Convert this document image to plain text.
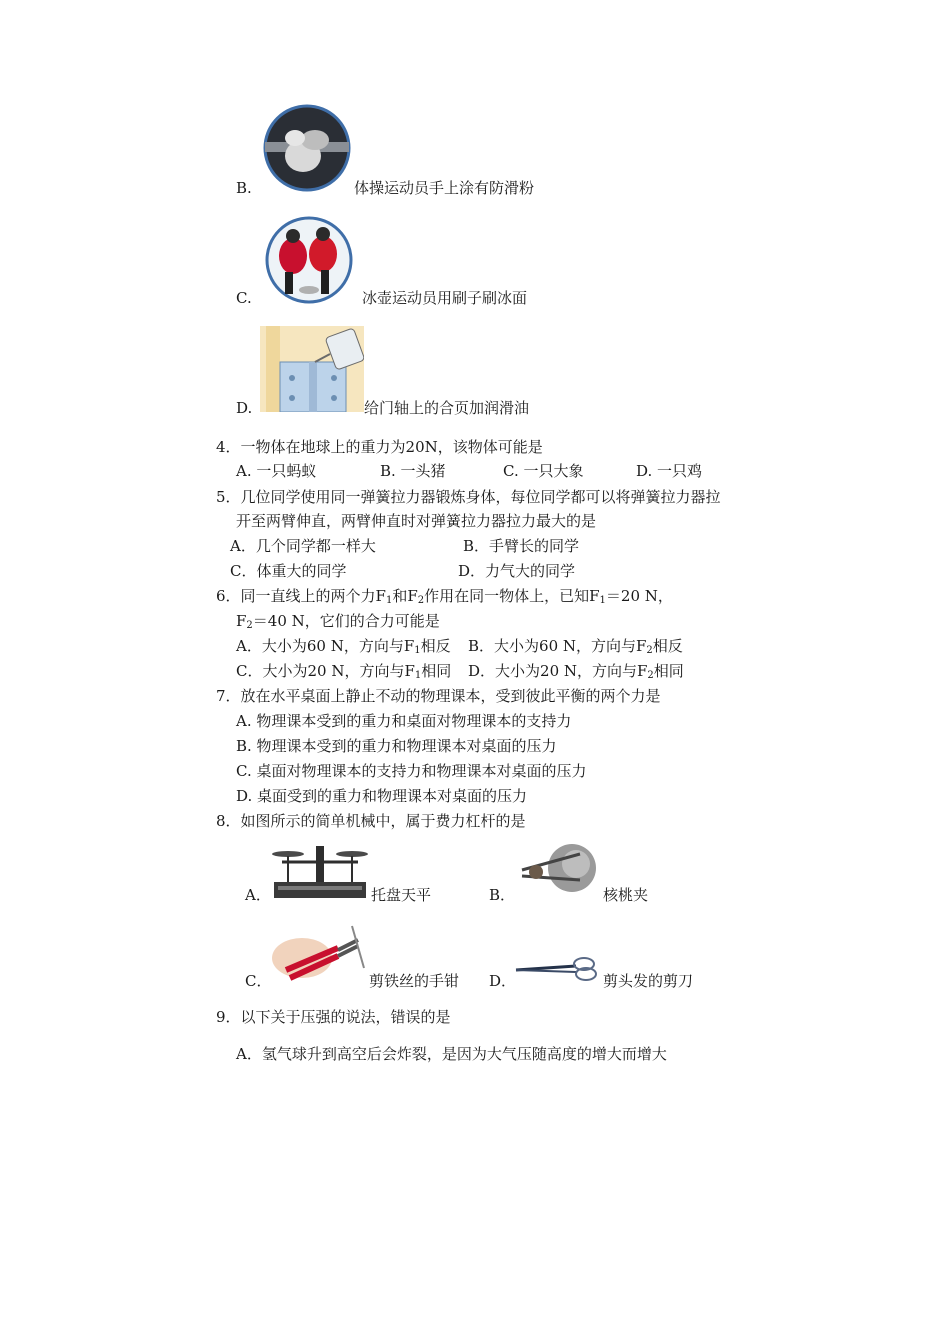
B.	体操运动员手上涂有防滑粉
C.	冰壶运动员用刷子刷冰面
D.	给门轴上的合页加润滑油
4．一物体在地球上的重力为20N，该物体可能是
A. 一只蚂蚁	B. 一头猪	C. 一只大象	D. 一只鸡
5．几位同学使用同一弹簧拉力器锻炼身体，每位同学都可以将弹簧拉力器拉
开至两臂伸直，两臂伸直时对弹簧拉力器拉力最大的是
A．几个同学都一样大	B．手臂长的同学
C．体重大的同学	D．力气大的同学
6．同一直线上的两个力$F_1$和$F_2$作用在同一物体上，已知$F_1=20$ N，
$F_2=40$ N，它们的合力可能是
A．大小为60 N，方向与$F_1$相反 B．大小为60 N，方向与$F_2$相反
C．大小为20 N，方向与$F_1$相同 D．大小为20 N，方向与$F_2$相同
7．放在水平桌面上静止不动的物理课本，受到彼此平衡的两个力是
A. 物理课本受到的重力和桌面对物理课本的支持力
B. 物理课本受到的重力和物理课本对桌面的压力
C. 桌面对物理课本的支持力和物理课本对桌面的压力
D. 桌面受到的重力和物理课本对桌面的压力
8．如图所示的简单机械中，属于费力杠杆的是
A．	托盘天平	B．	核桃夹
C．	剪铁丝的手钳 D．	剪头发的剪刀
9．以下关于压强的说法，错误的是
A．氢气球升到高空后会炸裂，是因为大气压随高度的增大而增大
